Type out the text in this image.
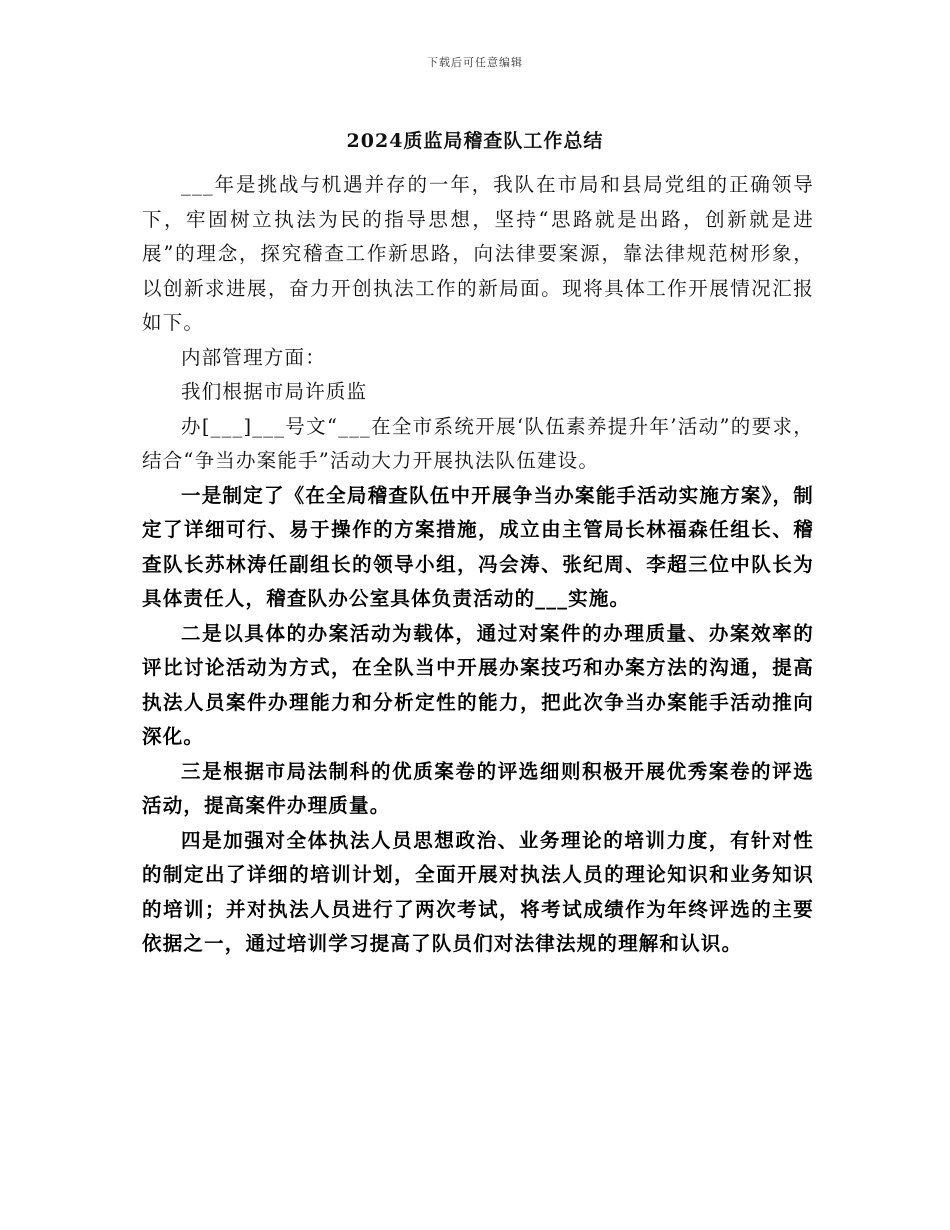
下载后可任意编辑
2024质监局稽查队工作总结

___年是挑战与机遇并存的一年，我队在市局和县局党组的正确领导下，牢固树立执法为民的指导思想，坚持“思路就是出路，创新就是进展”的理念，探究稽查工作新思路，向法律要案源，靠法律规范树形象，以创新求进展，奋力开创执法工作的新局面。现将具体工作开展情况汇报如下。

内部管理方面：

我们根据市局许质监

办[___]___号文“___在全市系统开展‘队伍素养提升年’活动”的要求，结合“争当办案能手”活动大力开展执法队伍建设。

一是制定了《在全局稽查队伍中开展争当办案能手活动实施方案》，制定了详细可行、易于操作的方案措施，成立由主管局长林福森任组长、稽查队长苏林涛任副组长的领导小组，冯会涛、张纪周、李超三位中队长为具体责任人，稽查队办公室具体负责活动的___实施。

二是以具体的办案活动为载体，通过对案件的办理质量、办案效率的评比讨论活动为方式，在全队当中开展办案技巧和办案方法的沟通，提高执法人员案件办理能力和分析定性的能力，把此次争当办案能手活动推向深化。

三是根据市局法制科的优质案卷的评选细则积极开展优秀案卷的评选活动，提高案件办理质量。

四是加强对全体执法人员思想政治、业务理论的培训力度，有针对性的制定出了详细的培训计划，全面开展对执法人员的理论知识和业务知识的培训；并对执法人员进行了两次考试，将考试成绩作为年终评选的主要依据之一，通过培训学习提高了队员们对法律法规的理解和认识。
